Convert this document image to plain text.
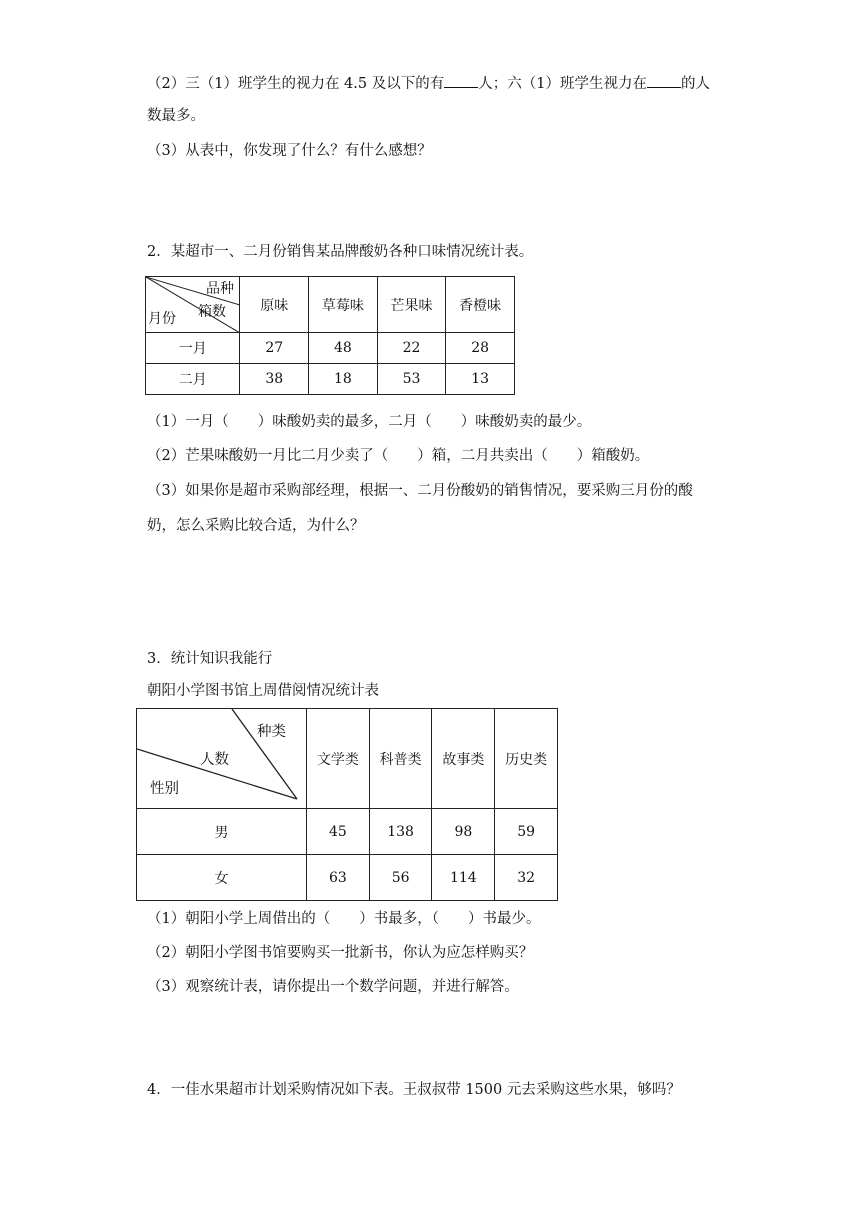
（2）三（1）班学生的视力在 4.5 及以下的有 人；六（1）班学生视力在 的人
数最多。
（3）从表中，你发现了什么？有什么感想？
2．某超市一、二月份销售某品牌酸奶各种口味情况统计表。
品种
箱数
月份	原味	草莓味	芒果味	香橙味
一月	27	48	22	28
二月	38	18	53	13
（1）一月（　　）味酸奶卖的最多，二月（　　）味酸奶卖的最少。
（2）芒果味酸奶一月比二月少卖了（　　）箱，二月共卖出（　　）箱酸奶。
（3）如果你是超市采购部经理，根据一、二月份酸奶的销售情况，要采购三月份的酸
奶，怎么采购比较合适，为什么？
3．统计知识我能行
朝阳小学图书馆上周借阅情况统计表
种类
人数
性别	文学类	科普类	故事类	历史类
男	45	138	98	59
女	63	56	114	32
（1）朝阳小学上周借出的（　　）书最多，（　　）书最少。
（2）朝阳小学图书馆要购买一批新书，你认为应怎样购买？
（3）观察统计表，请你提出一个数学问题，并进行解答。
4．一佳水果超市计划采购情况如下表。王叔叔带 1500 元去采购这些水果，够吗？
